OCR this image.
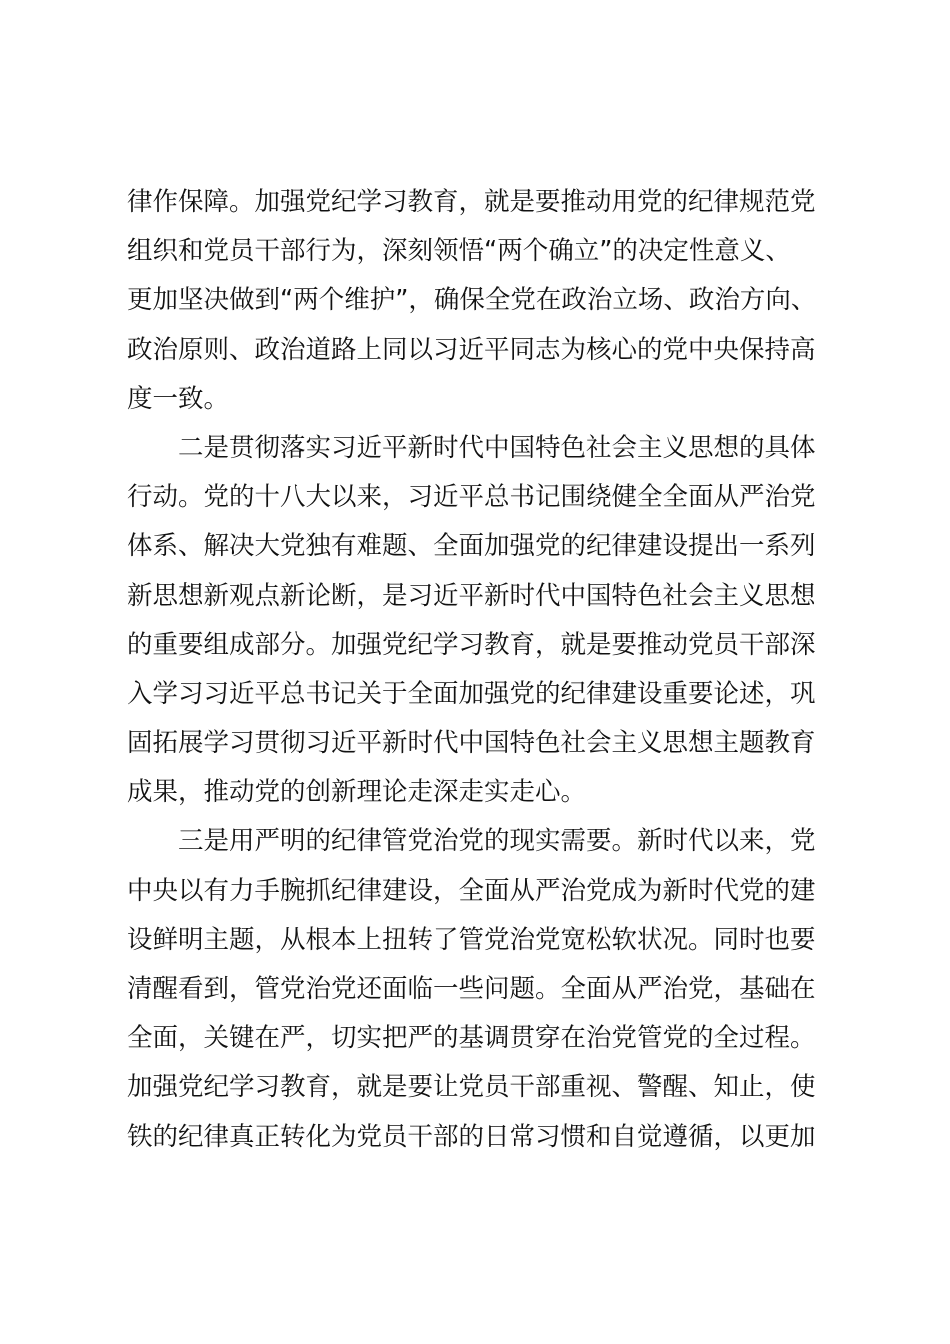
律作保障。加强党纪学习教育，就是要推动用党的纪律规范党
组织和党员干部行为，深刻领悟“两个确立”的决定性意义、
更加坚决做到“两个维护”，确保全党在政治立场、政治方向、
政治原则、政治道路上同以习近平同志为核心的党中央保持高
度一致。
二是贯彻落实习近平新时代中国特色社会主义思想的具体
行动。党的十八大以来，习近平总书记围绕健全全面从严治党
体系、解决大党独有难题、全面加强党的纪律建设提出一系列
新思想新观点新论断，是习近平新时代中国特色社会主义思想
的重要组成部分。加强党纪学习教育，就是要推动党员干部深
入学习习近平总书记关于全面加强党的纪律建设重要论述，巩
固拓展学习贯彻习近平新时代中国特色社会主义思想主题教育
成果，推动党的创新理论走深走实走心。
三是用严明的纪律管党治党的现实需要。新时代以来，党
中央以有力手腕抓纪律建设，全面从严治党成为新时代党的建
设鲜明主题，从根本上扭转了管党治党宽松软状况。同时也要
清醒看到，管党治党还面临一些问题。全面从严治党，基础在
全面，关键在严，切实把严的基调贯穿在治党管党的全过程。
加强党纪学习教育，就是要让党员干部重视、警醒、知止，使
铁的纪律真正转化为党员干部的日常习惯和自觉遵循，以更加
